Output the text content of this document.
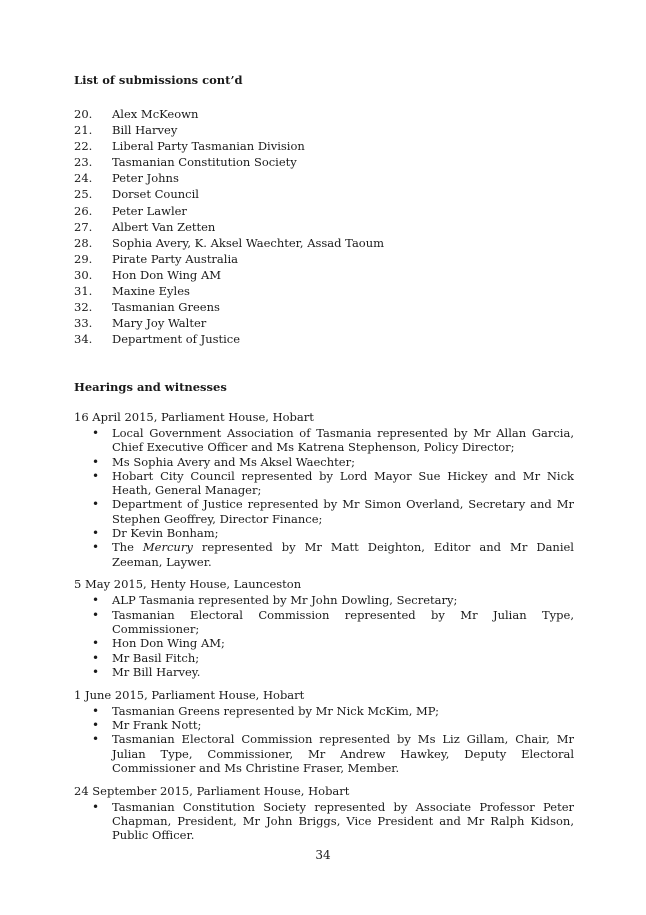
List of submissions cont’d
20. Alex McKeown
21. Bill Harvey
22. Liberal Party Tasmanian Division
23. Tasmanian Constitution Society
24. Peter Johns
25. Dorset Council
26. Peter Lawler
27. Albert Van Zetten
28. Sophia Avery, K. Aksel Waechter, Assad Taoum
29. Pirate Party Australia
30. Hon Don Wing AM
31. Maxine Eyles
32. Tasmanian Greens
33. Mary Joy Walter
34. Department of Justice
Hearings and witnesses
16 April 2015, Parliament House, Hobart
• Local Government Association of Tasmania represented by Mr Allan Garcia, Chief Executive Officer and Ms Katrena Stephenson, Policy Director;
• Ms Sophia Avery and Ms Aksel Waechter;
• Hobart City Council represented by Lord Mayor Sue Hickey and Mr Nick Heath, General Manager;
• Department of Justice represented by Mr Simon Overland, Secretary and Mr Stephen Geoffrey, Director Finance;
• Dr Kevin Bonham;
• The Mercury represented by Mr Matt Deighton, Editor and Mr Daniel Zeeman, Laywer.
5 May 2015, Henty House, Launceston
• ALP Tasmania represented by Mr John Dowling, Secretary;
• Tasmanian Electoral Commission represented by Mr Julian Type, Commissioner;
• Hon Don Wing AM;
• Mr Basil Fitch;
• Mr Bill Harvey.
1 June 2015, Parliament House, Hobart
• Tasmanian Greens represented by Mr Nick McKim, MP;
• Mr Frank Nott;
• Tasmanian Electoral Commission represented by Ms Liz Gillam, Chair, Mr Julian Type, Commissioner, Mr Andrew Hawkey, Deputy Electoral Commissioner and Ms Christine Fraser, Member.
24 September 2015, Parliament House, Hobart
• Tasmanian Constitution Society represented by Associate Professor Peter Chapman, President, Mr John Briggs, Vice President and Mr Ralph Kidson, Public Officer.
34
